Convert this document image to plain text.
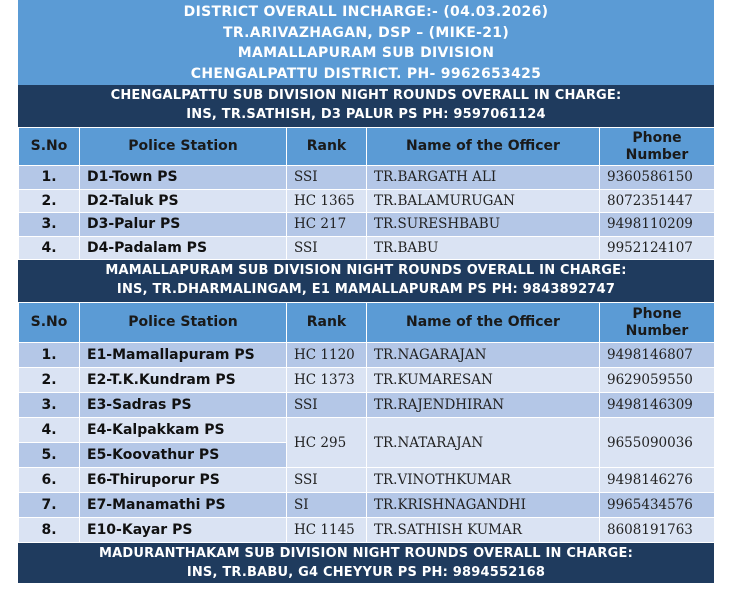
DISTRICT OVERALL INCHARGE:- (04.03.2026)
TR.ARIVAZHAGAN, DSP – (MIKE-21)
MAMALLAPURAM SUB DIVISION
CHENGALPATTU DISTRICT. PH- 9962653425
CHENGALPATTU SUB DIVISION NIGHT ROUNDS OVERALL IN CHARGE:
INS, TR.SATHISH, D3 PALUR PS PH: 9597061124
S.No	Police Station	Rank	Name of the Officer	Phone Number
1.	D1-Town PS	SSI	TR.BARGATH ALI	9360586150
2.	D2-Taluk PS	HC 1365	TR.BALAMURUGAN	8072351447
3.	D3-Palur PS	HC 217	TR.SURESHBABU	9498110209
4.	D4-Padalam PS	SSI	TR.BABU	9952124107
MAMALLAPURAM SUB DIVISION NIGHT ROUNDS OVERALL IN CHARGE:
INS, TR.DHARMALINGAM, E1 MAMALLAPURAM PS PH: 9843892747
S.No	Police Station	Rank	Name of the Officer	Phone Number
1.	E1-Mamallapuram PS	HC 1120	TR.NAGARAJAN	9498146807
2.	E2-T.K.Kundram PS	HC 1373	TR.KUMARESAN	9629059550
3.	E3-Sadras PS	SSI	TR.RAJENDHIRAN	9498146309
4.	E4-Kalpakkam PS	HC 295	TR.NATARAJAN	9655090036
5.	E5-Koovathur PS			
6.	E6-Thiruporur PS	SSI	TR.VINOTHKUMAR	9498146276
7.	E7-Manamathi PS	SI	TR.KRISHNAGANDHI	9965434576
8.	E10-Kayar PS	HC 1145	TR.SATHISH KUMAR	8608191763
MADURANTHAKAM SUB DIVISION NIGHT ROUNDS OVERALL IN CHARGE:
INS, TR.BABU, G4 CHEYYUR PS PH: 9894552168
